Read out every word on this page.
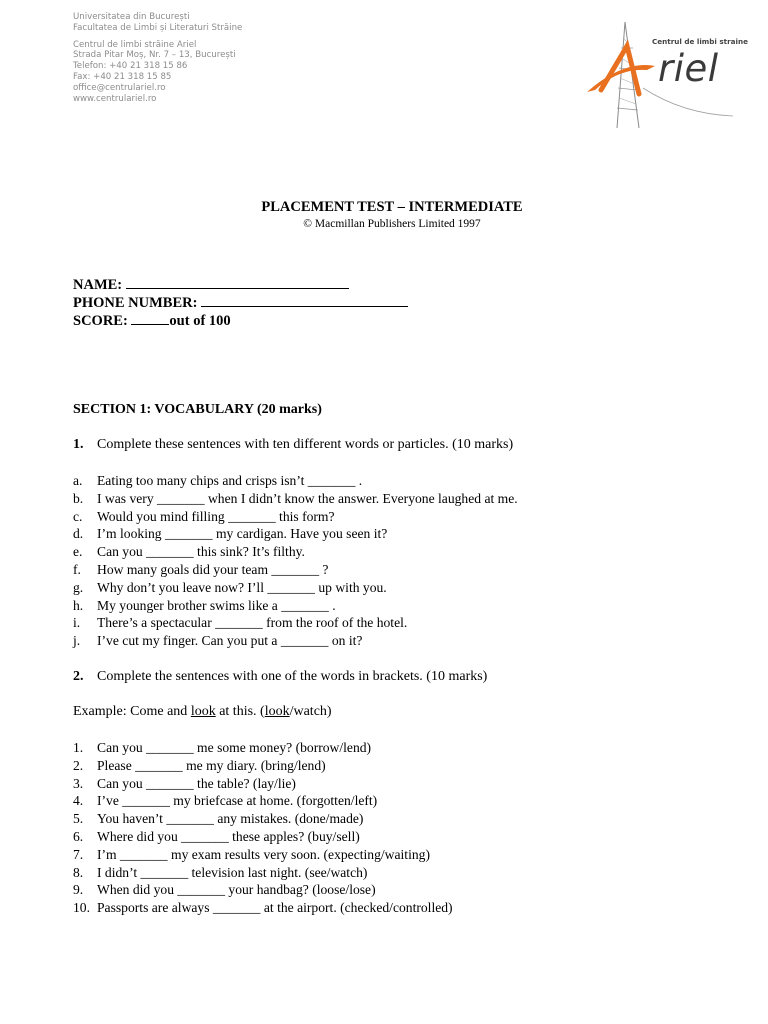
Universitatea din București
Facultatea de Limbi și Literaturi Străine
Centrul de limbi străine Ariel
Strada Pitar Moș, Nr. 7 – 13, București
Telefon: +40 21 318 15 86
Fax: +40 21 318 15 85
office@centrulariel.ro
www.centrulariel.ro
Centrul de limbi straine
riel
PLACEMENT TEST – INTERMEDIATE
© Macmillan Publishers Limited 1997
NAME:
PHONE NUMBER:
SCORE:	out of 100
SECTION 1: VOCABULARY (20 marks)
1. Complete these sentences with ten different words or particles. (10 marks)
a. Eating too many chips and crisps isn’t _______ .
b. I was very _______ when I didn’t know the answer. Everyone laughed at me.
c. Would you mind filling _______ this form?
d. I’m looking _______ my cardigan. Have you seen it?
e. Can you _______ this sink? It’s filthy.
f. How many goals did your team _______ ?
g. Why don’t you leave now? I’ll _______ up with you.
h. My younger brother swims like a _______ .
i. There’s a spectacular _______ from the roof of the hotel.
j. I’ve cut my finger. Can you put a _______ on it?
2. Complete the sentences with one of the words in brackets. (10 marks)
Example: Come and look at this. (look/watch)
1. Can you _______ me some money? (borrow/lend)
2. Please _______ me my diary. (bring/lend)
3. Can you _______ the table? (lay/lie)
4. I’ve _______ my briefcase at home. (forgotten/left)
5. You haven’t _______ any mistakes. (done/made)
6. Where did you _______ these apples? (buy/sell)
7. I’m _______ my exam results very soon. (expecting/waiting)
8. I didn’t _______ television last night. (see/watch)
9. When did you _______ your handbag? (loose/lose)
10. Passports are always _______ at the airport. (checked/controlled)
